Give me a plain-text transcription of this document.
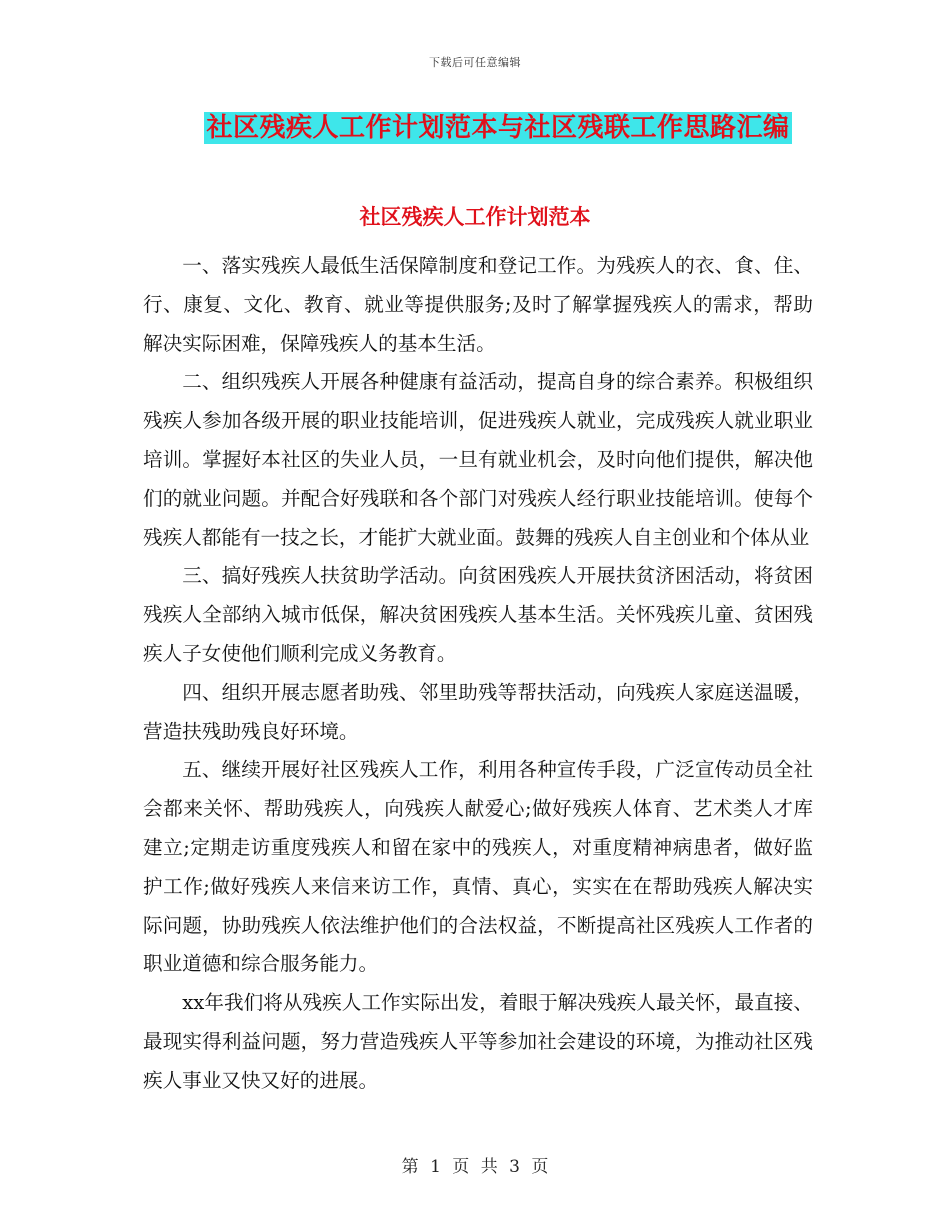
下载后可任意编辑
社区残疾人工作计划范本与社区残联工作思路汇编
社区残疾人工作计划范本

一、落实残疾人最低生活保障制度和登记工作。为残疾人的衣、食、住、行、康复、文化、教育、就业等提供服务;及时了解掌握残疾人的需求，帮助解决实际困难，保障残疾人的基本生活。

二、组织残疾人开展各种健康有益活动，提高自身的综合素养。积极组织残疾人参加各级开展的职业技能培训，促进残疾人就业，完成残疾人就业职业培训。掌握好本社区的失业人员，一旦有就业机会，及时向他们提供，解决他们的就业问题。并配合好残联和各个部门对残疾人经行职业技能培训。使每个残疾人都能有一技之长，才能扩大就业面。鼓舞的残疾人自主创业和个体从业

三、搞好残疾人扶贫助学活动。向贫困残疾人开展扶贫济困活动，将贫困残疾人全部纳入城市低保，解决贫困残疾人基本生活。关怀残疾儿童、贫困残疾人子女使他们顺利完成义务教育。

四、组织开展志愿者助残、邻里助残等帮扶活动，向残疾人家庭送温暖，营造扶残助残良好环境。

五、继续开展好社区残疾人工作，利用各种宣传手段，广泛宣传动员全社会都来关怀、帮助残疾人，向残疾人献爱心;做好残疾人体育、艺术类人才库建立;定期走访重度残疾人和留在家中的残疾人，对重度精神病患者，做好监护工作;做好残疾人来信来访工作，真情、真心，实实在在帮助残疾人解决实际问题，协助残疾人依法维护他们的合法权益，不断提高社区残疾人工作者的职业道德和综合服务能力。

xx年我们将从残疾人工作实际出发，着眼于解决残疾人最关怀，最直接、最现实得利益问题，努力营造残疾人平等参加社会建设的环境，为推动社区残疾人事业又快又好的进展。

第 1 页 共 3 页
